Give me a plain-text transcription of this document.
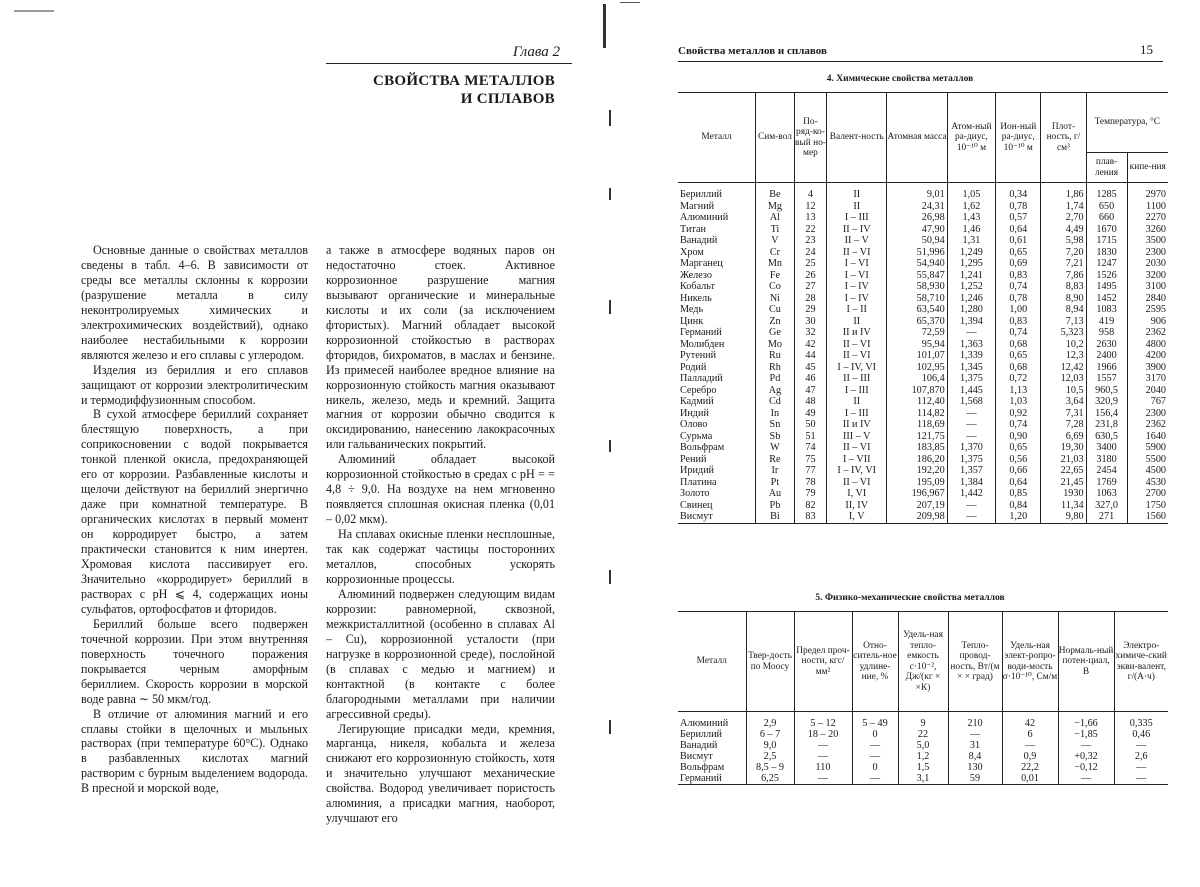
Глава 2
СВОЙСТВА МЕТАЛЛОВ
И СПЛАВОВ

Основные данные о свойствах металлов сведены в табл. 4–6. В зависимости от среды все металлы склонны к коррозии (разрушение металла в силу неконтролируемых химических и электрохимических воздействий), однако наиболее нестабильными к коррозии являются железо и его сплавы с углеродом.

Изделия из бериллия и его сплавов защищают от коррозии электролитическим и термодиффузионным способом.

В сухой атмосфере бериллий сохраняет блестящую поверхность, а при соприкосновении с водой покрывается тонкой пленкой окисла, предохраняющей его от коррозии. Разбавленные кислоты и щелочи действуют на бериллий энергично даже при комнатной температуре. В органических кислотах в первый момент он корродирует быстро, а затем практически становится к ним инертен. Хромовая кислота пассивирует его. Значительно «корродирует» бериллий в растворах с pH ⩽ 4, содержащих ионы сульфатов, ортофосфатов и фторидов.

Бериллий больше всего подвержен точечной коррозии. При этом внутренняя поверхность точечного поражения покрывается черным аморфным бериллием. Скорость коррозии в морской воде равна ∼ 50 мкм/год.

В отличие от алюминия магний и его сплавы стойки в щелочных и мыльных растворах (при температуре 60°С). Однако в разбавленных кислотах магний растворим с бурным выделением водорода. В пресной и морской воде,

а также в атмосфере водяных паров он недостаточно стоек. Активное коррозионное разрушение магния вызывают органические и минеральные кислоты и их соли (за исключением фтористых). Магний обладает высокой коррозионной стойкостью в растворах фторидов, бихроматов, в маслах и бензине. Из примесей наиболее вредное влияние на коррозионную стойкость магния оказывают никель, железо, медь и кремний. Защита магния от коррозии обычно сводится к оксидированию, нанесению лакокрасочных или гальванических покрытий.

Алюминий обладает высокой коррозионной стойкостью в средах с pH = = 4,8 ÷ 9,0. На воздухе на нем мгновенно появляется сплошная окисная пленка (0,01 – 0,02 мкм).

На сплавах окисные пленки несплошные, так как содержат частицы посторонних металлов, способных ускорять коррозионные процессы.

Алюминий подвержен следующим видам коррозии: равномерной, сквозной, межкристаллитной (особенно в сплавах Al – Cu), коррозионной усталости (при нагрузке в коррозионной среде), послойной (в сплавах с медью и магнием) и контактной (в контакте с более благородными металлами при наличии агрессивной среды).

Легирующие присадки меди, кремния, марганца, никеля, кобальта и железа снижают его коррозионную стойкость, хотя и значительно улучшают механические свойства. Водород увеличивает пористость алюминия, а присадки магния, наоборот, улучшают его

Свойства металлов и сплавов	15
4. Химические свойства металлов
Металл	Сим-вол	По-ряд-ко-вый но-мер	Валент-ность	Атомная масса	Атом-ный ра-диус, 10⁻¹⁰ м	Ион-ный ра-диус, 10⁻¹⁰ м	Плот-ность, г/см³	Температура, °С	
								плав-ления	кипе-ния
Бериллий	Be	4	II	9,01	1,05	0,34	1,86	1285	2970
Магний	Mg	12	II	24,31	1,62	0,78	1,74	650	1100
Алюминий	Al	13	I – III	26,98	1,43	0,57	2,70	660	2270
Титан	Ti	22	II – IV	47,90	1,46	0,64	4,49	1670	3260
Ванадий	V	23	II – V	50,94	1,31	0,61	5,98	1715	3500
Хром	Cr	24	II – VI	51,996	1,249	0,65	7,20	1830	2300
Марганец	Mn	25	I – VI	54,940	1,295	0,69	7,21	1247	2030
Железо	Fe	26	I – VI	55,847	1,241	0,83	7,86	1526	3200
Кобальт	Co	27	I – IV	58,930	1,252	0,74	8,83	1495	3100
Никель	Ni	28	I – IV	58,710	1,246	0,78	8,90	1452	2840
Медь	Cu	29	I – II	63,540	1,280	1,00	8,94	1083	2595
Цинк	Zn	30	II	65,370	1,394	0,83	7,13	419	906
Германий	Ge	32	II и IV	72,59	—	0,74	5,323	958	2362
Молибден	Mo	42	II – VI	95,94	1,363	0,68	10,2	2630	4800
Рутений	Ru	44	II – VI	101,07	1,339	0,65	12,3	2400	4200
Родий	Rh	45	I – IV, VI	102,95	1,345	0,68	12,42	1966	3900
Палладий	Pd	46	II – III	106,4	1,375	0,72	12,03	1557	3170
Серебро	Ag	47	I – III	107,870	1,445	1,13	10,5	960,5	2040
Кадмий	Cd	48	II	112,40	1,568	1,03	3,64	320,9	767
Индий	In	49	I – III	114,82	—	0,92	7,31	156,4	2300
Олово	Sn	50	II и IV	118,69	—	0,74	7,28	231,8	2362
Сурьма	Sb	51	III – V	121,75	—	0,90	6,69	630,5	1640
Вольфрам	W	74	II – VI	183,85	1,370	0,65	19,30	3400	5900
Рений	Re	75	I – VII	186,20	1,375	0,56	21,03	3180	5500
Иридий	Ir	77	I – IV, VI	192,20	1,357	0,66	22,65	2454	4500
Платина	Pt	78	II – VI	195,09	1,384	0,64	21,45	1769	4530
Золото	Au	79	I, VI	196,967	1,442	0,85	1930	1063	2700
Свинец	Pb	82	II, IV	207,19	—	0,84	11,34	327,0	1750
Висмут	Bi	83	I, V	209,98	—	1,20	9,80	271	1560
5. Физико-механические свойства металлов
Металл	Твер-дость по Моосу	Предел проч-ности, кгс/мм²	Отно-ситель-ное удлине-ние, %	Удель-ная тепло-емкость c·10⁻², Дж/(кг × ×К)	Тепло-провод-ность, Вт/(м × × град)	Удель-ная элект-ропро-води-мость σ·10⁻¹⁰, См/м	Нормаль-ный потен-циал, В	Электро-химиче-ский экви-валент, г/(А·ч)
Алюминий	2,9	5 – 12	5 – 49	9	210	42	−1,66	0,335
Бериллий	6 – 7	18 – 20	0	22	—	6	−1,85	0,46
Ванадий	9,0	—	—	5,0	31	—	—	—
Висмут	2,5	—	—	1,2	8,4	0,9	+0,32	2,6
Вольфрам	8,5 – 9	110	0	1,5	130	22,2	−0,12	—
Германий	6,25	—	—	3,1	59	0,01	—	—
